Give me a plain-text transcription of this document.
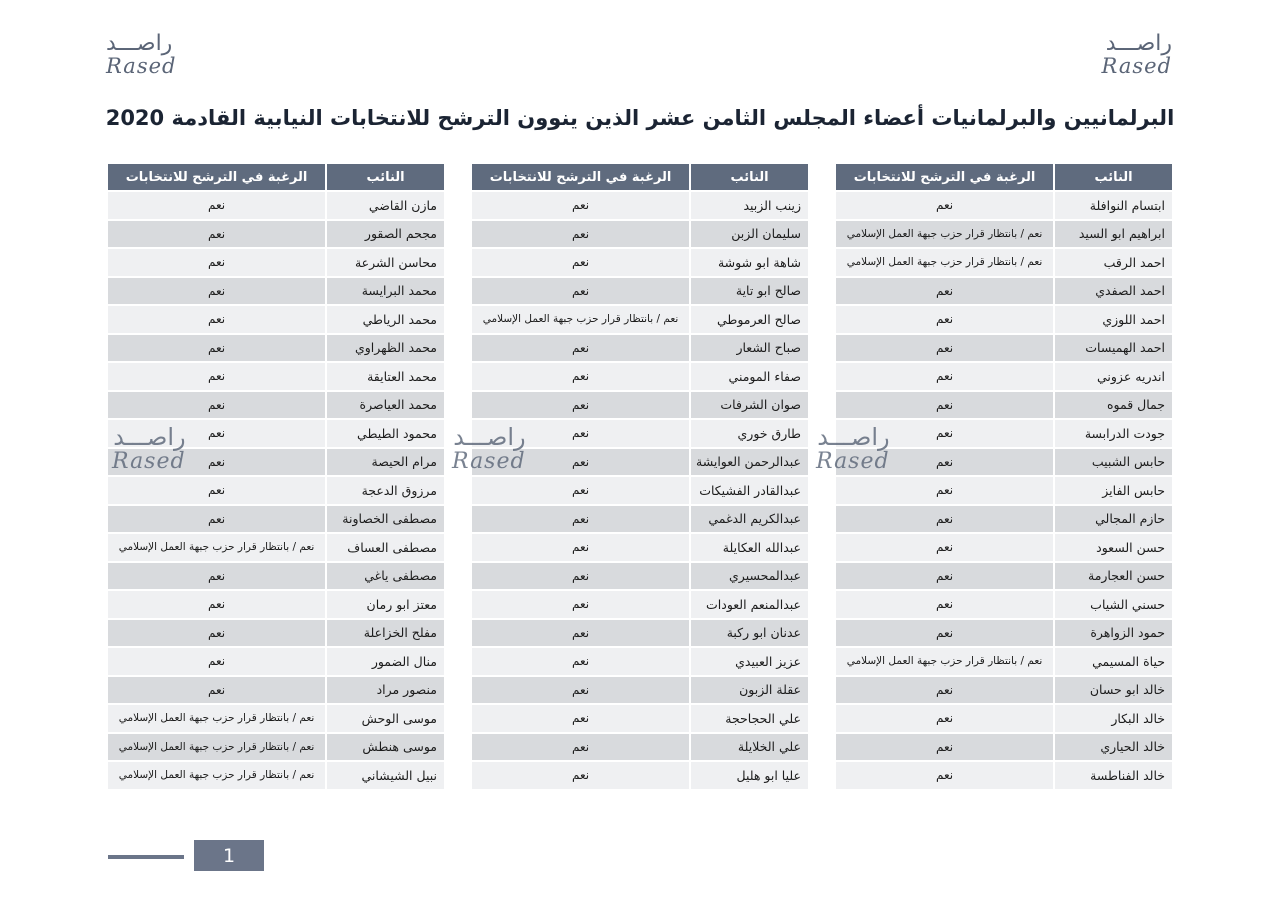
راصـــد
Rased
راصـــد
Rased
البرلمانيين والبرلمانيات أعضاء المجلس الثامن عشر الذين ينوون الترشح للانتخابات النيابية القادمة 2020
النائب
الرغبة في الترشح للانتخابات
ابتسام النوافلة
نعم
ابراهيم ابو السيد
نعم / بانتظار قرار حزب جبهة العمل الإسلامي
احمد الرقب
نعم / بانتظار قرار حزب جبهة العمل الإسلامي
احمد الصفدي
نعم
احمد اللوزي
نعم
احمد الهميسات
نعم
اندريه عزوني
نعم
جمال قموه
نعم
جودت الدرابسة
نعم
حابس الشبيب
نعم
حابس الفايز
نعم
حازم المجالي
نعم
حسن السعود
نعم
حسن العجارمة
نعم
حسني الشياب
نعم
حمود الزواهرة
نعم
حياة المسيمي
نعم / بانتظار قرار حزب جبهة العمل الإسلامي
خالد ابو حسان
نعم
خالد البكار
نعم
خالد الحياري
نعم
خالد الفناطسة
نعم
النائب
الرغبة في الترشح للانتخابات
زينب الزبيد
نعم
سليمان الزبن
نعم
شاهة ابو شوشة
نعم
صالح ابو تاية
نعم
صالح العرموطي
نعم / بانتظار قرار حزب جبهة العمل الإسلامي
صباح الشعار
نعم
صفاء المومني
نعم
صوان الشرفات
نعم
طارق خوري
نعم
عبدالرحمن العوايشة
نعم
عبدالقادر الفشيكات
نعم
عبدالكريم الدغمي
نعم
عبدالله العكايلة
نعم
عبدالمحسيري
نعم
عبدالمنعم العودات
نعم
عدنان ابو ركبة
نعم
عزيز العبيدي
نعم
عقلة الزبون
نعم
علي الحجاحجة
نعم
علي الخلايلة
نعم
عليا ابو هليل
نعم
النائب
الرغبة في الترشح للانتخابات
مازن القاضي
نعم
مجحم الصقور
نعم
محاسن الشرعة
نعم
محمد البرايسة
نعم
محمد الرياطي
نعم
محمد الظهراوي
نعم
محمد العتايقة
نعم
محمد العياصرة
نعم
محمود الطيطي
نعم
مرام الحيصة
نعم
مرزوق الدعجة
نعم
مصطفى الخصاونة
نعم
مصطفى العساف
نعم / بانتظار قرار حزب جبهة العمل الإسلامي
مصطفى ياغي
نعم
معتز ابو رمان
نعم
مفلح الخزاعلة
نعم
منال الضمور
نعم
منصور مراد
نعم
موسى الوحش
نعم / بانتظار قرار حزب جبهة العمل الإسلامي
موسى هنطش
نعم / بانتظار قرار حزب جبهة العمل الإسلامي
نبيل الشيشاني
نعم / بانتظار قرار حزب جبهة العمل الإسلامي
راصـــد
Rased
راصـــد
Rased
راصـــد
Rased
1
